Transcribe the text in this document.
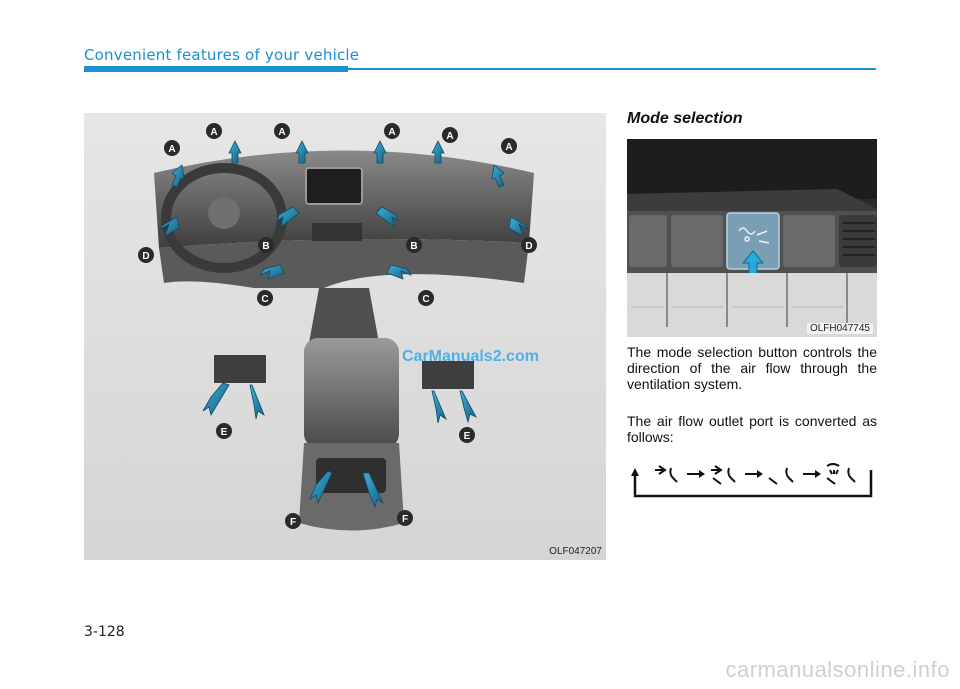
Convenient features of your vehicle
A	A	A	A
A	A
B	B
C	C
D
D
E	E
F	F
CarManuals2.com
OLF047207
Mode selection
OLFH047745
The mode selection button controls the direction of the air flow through the ventilation system.
The air flow outlet port is converted as follows:
3-128
carmanualsonline.info
